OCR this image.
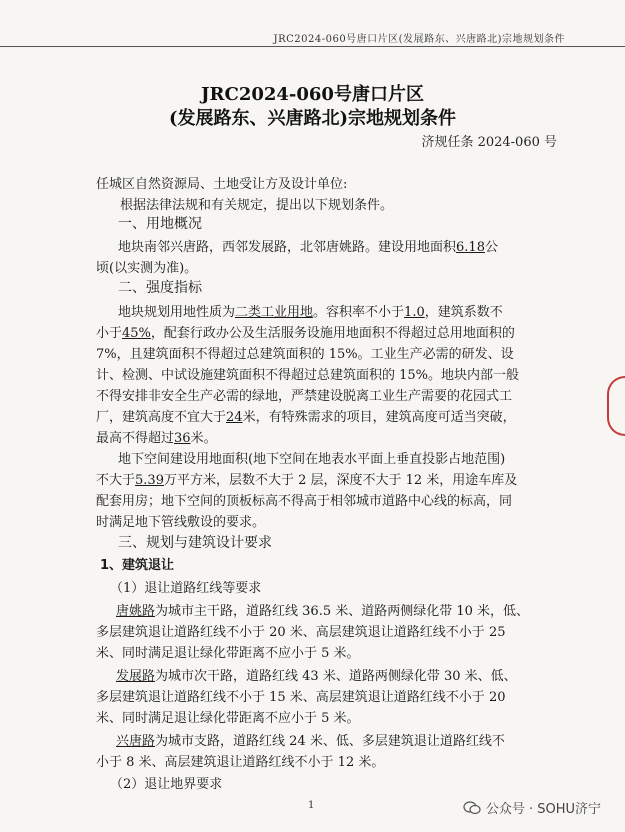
JRC2024-060号唐口片区(发展路东、兴唐路北)宗地规划条件
JRC2024-060号唐口片区
(发展路东、兴唐路北)宗地规划条件
济规任条 2024-060 号
任城区自然资源局、土地受让方及设计单位:
根据法律法规和有关规定，提出以下规划条件。
一、用地概况
地块南邻兴唐路，西邻发展路，北邻唐姚路。建设用地面积6.18公
顷(以实测为准)。
二、强度指标
地块规划用地性质为二类工业用地。容积率不小于1.0，建筑系数不
小于45%，配套行政办公及生活服务设施用地面积不得超过总用地面积的
7%，且建筑面积不得超过总建筑面积的 15%。工业生产必需的研发、设
计、检测、中试设施建筑面积不得超过总建筑面积的 15%。地块内部一般
不得安排非安全生产必需的绿地，严禁建设脱离工业生产需要的花园式工
厂，建筑高度不宜大于24米，有特殊需求的项目，建筑高度可适当突破，
最高不得超过36米。
地下空间建设用地面积(地下空间在地表水平面上垂直投影占地范围)
不大于5.39万平方米，层数不大于 2 层，深度不大于 12 米，用途车库及
配套用房；地下空间的顶板标高不得高于相邻城市道路中心线的标高，同
时满足地下管线敷设的要求。
三、规划与建筑设计要求
1、建筑退让
（1）退让道路红线等要求
唐姚路为城市主干路，道路红线 36.5 米、道路两侧绿化带 10 米，低、
多层建筑退让道路红线不小于 20 米、高层建筑退让道路红线不小于 25
米、同时满足退让绿化带距离不应小于 5 米。
发展路为城市次干路，道路红线 43 米、道路两侧绿化带 30 米、低、
多层建筑退让道路红线不小于 15 米、高层建筑退让道路红线不小于 20
米、同时满足退让绿化带距离不应小于 5 米。
兴唐路为城市支路，道路红线 24 米、低、多层建筑退让道路红线不
小于 8 米、高层建筑退让道路红线不小于 12 米。
（2）退让地界要求
1	公众号 · SOHU济宁
